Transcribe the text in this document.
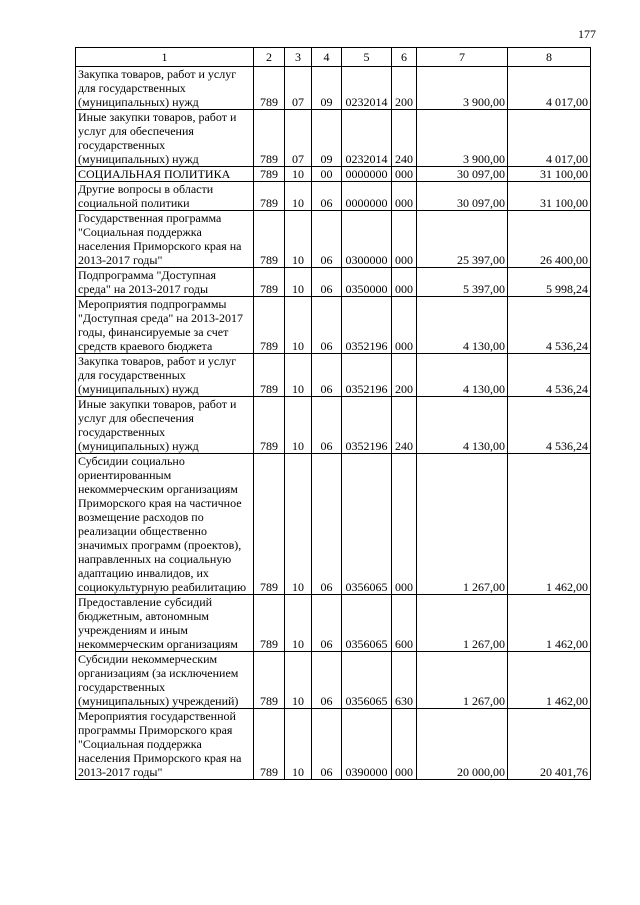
177
1	2	3	4	5	6	7	8
Закупка товаров, работ и услуг для государственных (муниципальных) нужд	789	07	09	0232014	200	3 900,00	4 017,00
Иные закупки товаров, работ и услуг для обеспечения государственных (муниципальных) нужд	789	07	09	0232014	240	3 900,00	4 017,00
СОЦИАЛЬНАЯ ПОЛИТИКА	789	10	00	0000000	000	30 097,00	31 100,00
Другие вопросы в области социальной политики	789	10	06	0000000	000	30 097,00	31 100,00
Государственная программа "Социальная поддержка населения Приморского края на 2013-2017 годы"	789	10	06	0300000	000	25 397,00	26 400,00
Подпрограмма "Доступная среда" на 2013-2017 годы	789	10	06	0350000	000	5 397,00	5 998,24
Мероприятия подпрограммы "Доступная среда" на 2013-2017 годы, финансируемые за счет средств краевого бюджета	789	10	06	0352196	000	4 130,00	4 536,24
Закупка товаров, работ и услуг для государственных (муниципальных) нужд	789	10	06	0352196	200	4 130,00	4 536,24
Иные закупки товаров, работ и услуг для обеспечения государственных (муниципальных) нужд	789	10	06	0352196	240	4 130,00	4 536,24
Субсидии социально ориентированным некоммерческим организациям Приморского края на частичное возмещение расходов по реализации общественно значимых программ (проектов), направленных на социальную адаптацию инвалидов, их социокультурную реабилитацию	789	10	06	0356065	000	1 267,00	1 462,00
Предоставление субсидий бюджетным, автономным учреждениям и иным некоммерческим организациям	789	10	06	0356065	600	1 267,00	1 462,00
Субсидии некоммерческим организациям (за исключением государственных (муниципальных) учреждений)	789	10	06	0356065	630	1 267,00	1 462,00
Мероприятия государственной программы Приморского края "Социальная поддержка населения Приморского края на 2013-2017 годы"	789	10	06	0390000	000	20 000,00	20 401,76
